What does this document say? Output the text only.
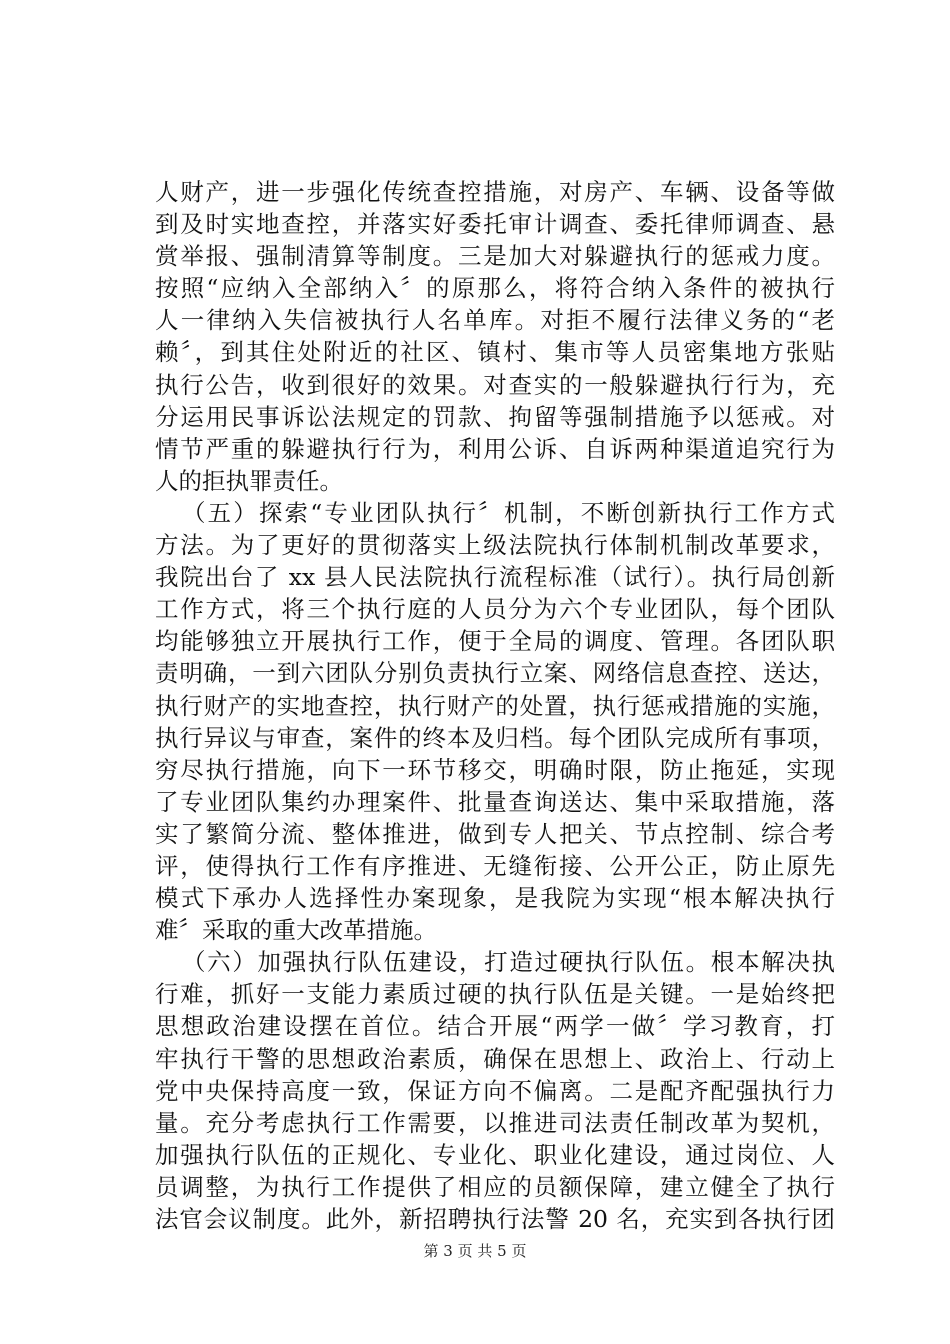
人财产，进一步强化传统查控措施，对房产、车辆、设备等做
到及时实地查控，并落实好委托审计调查、委托律师调查、悬
赏举报、强制清算等制度。三是加大对躲避执行的惩戒力度。
按照“应纳入全部纳入〞的原那么，将符合纳入条件的被执行
人一律纳入失信被执行人名单库。对拒不履行法律义务的“老
赖〞，到其住处附近的社区、镇村、集市等人员密集地方张贴
执行公告，收到很好的效果。对查实的一般躲避执行行为，充
分运用民事诉讼法规定的罚款、拘留等强制措施予以惩戒。对
情节严重的躲避执行行为，利用公诉、自诉两种渠道追究行为
人的拒执罪责任。
（五）探索“专业团队执行〞机制，不断创新执行工作方式
方法。为了更好的贯彻落实上级法院执行体制机制改革要求，
我院出台了 xx 县人民法院执行流程标准（试行）。执行局创新
工作方式，将三个执行庭的人员分为六个专业团队，每个团队
均能够独立开展执行工作，便于全局的调度、管理。各团队职
责明确，一到六团队分别负责执行立案、网络信息查控、送达，
执行财产的实地查控，执行财产的处置，执行惩戒措施的实施，
执行异议与审查，案件的终本及归档。每个团队完成所有事项，
穷尽执行措施，向下一环节移交，明确时限，防止拖延，实现
了专业团队集约办理案件、批量查询送达、集中采取措施，落
实了繁简分流、整体推进，做到专人把关、节点控制、综合考
评，使得执行工作有序推进、无缝衔接、公开公正，防止原先
模式下承办人选择性办案现象，是我院为实现“根本解决执行
难〞采取的重大改革措施。
（六）加强执行队伍建设，打造过硬执行队伍。根本解决执
行难，抓好一支能力素质过硬的执行队伍是关键。一是始终把
思想政治建设摆在首位。结合开展“两学一做〞学习教育，打
牢执行干警的思想政治素质，确保在思想上、政治上、行动上
党中央保持高度一致，保证方向不偏离。二是配齐配强执行力
量。充分考虑执行工作需要，以推进司法责任制改革为契机，
加强执行队伍的正规化、专业化、职业化建设，通过岗位、人
员调整，为执行工作提供了相应的员额保障，建立健全了执行
法官会议制度。此外，新招聘执行法警 20 名，充实到各执行团
第 3 页 共 5 页
